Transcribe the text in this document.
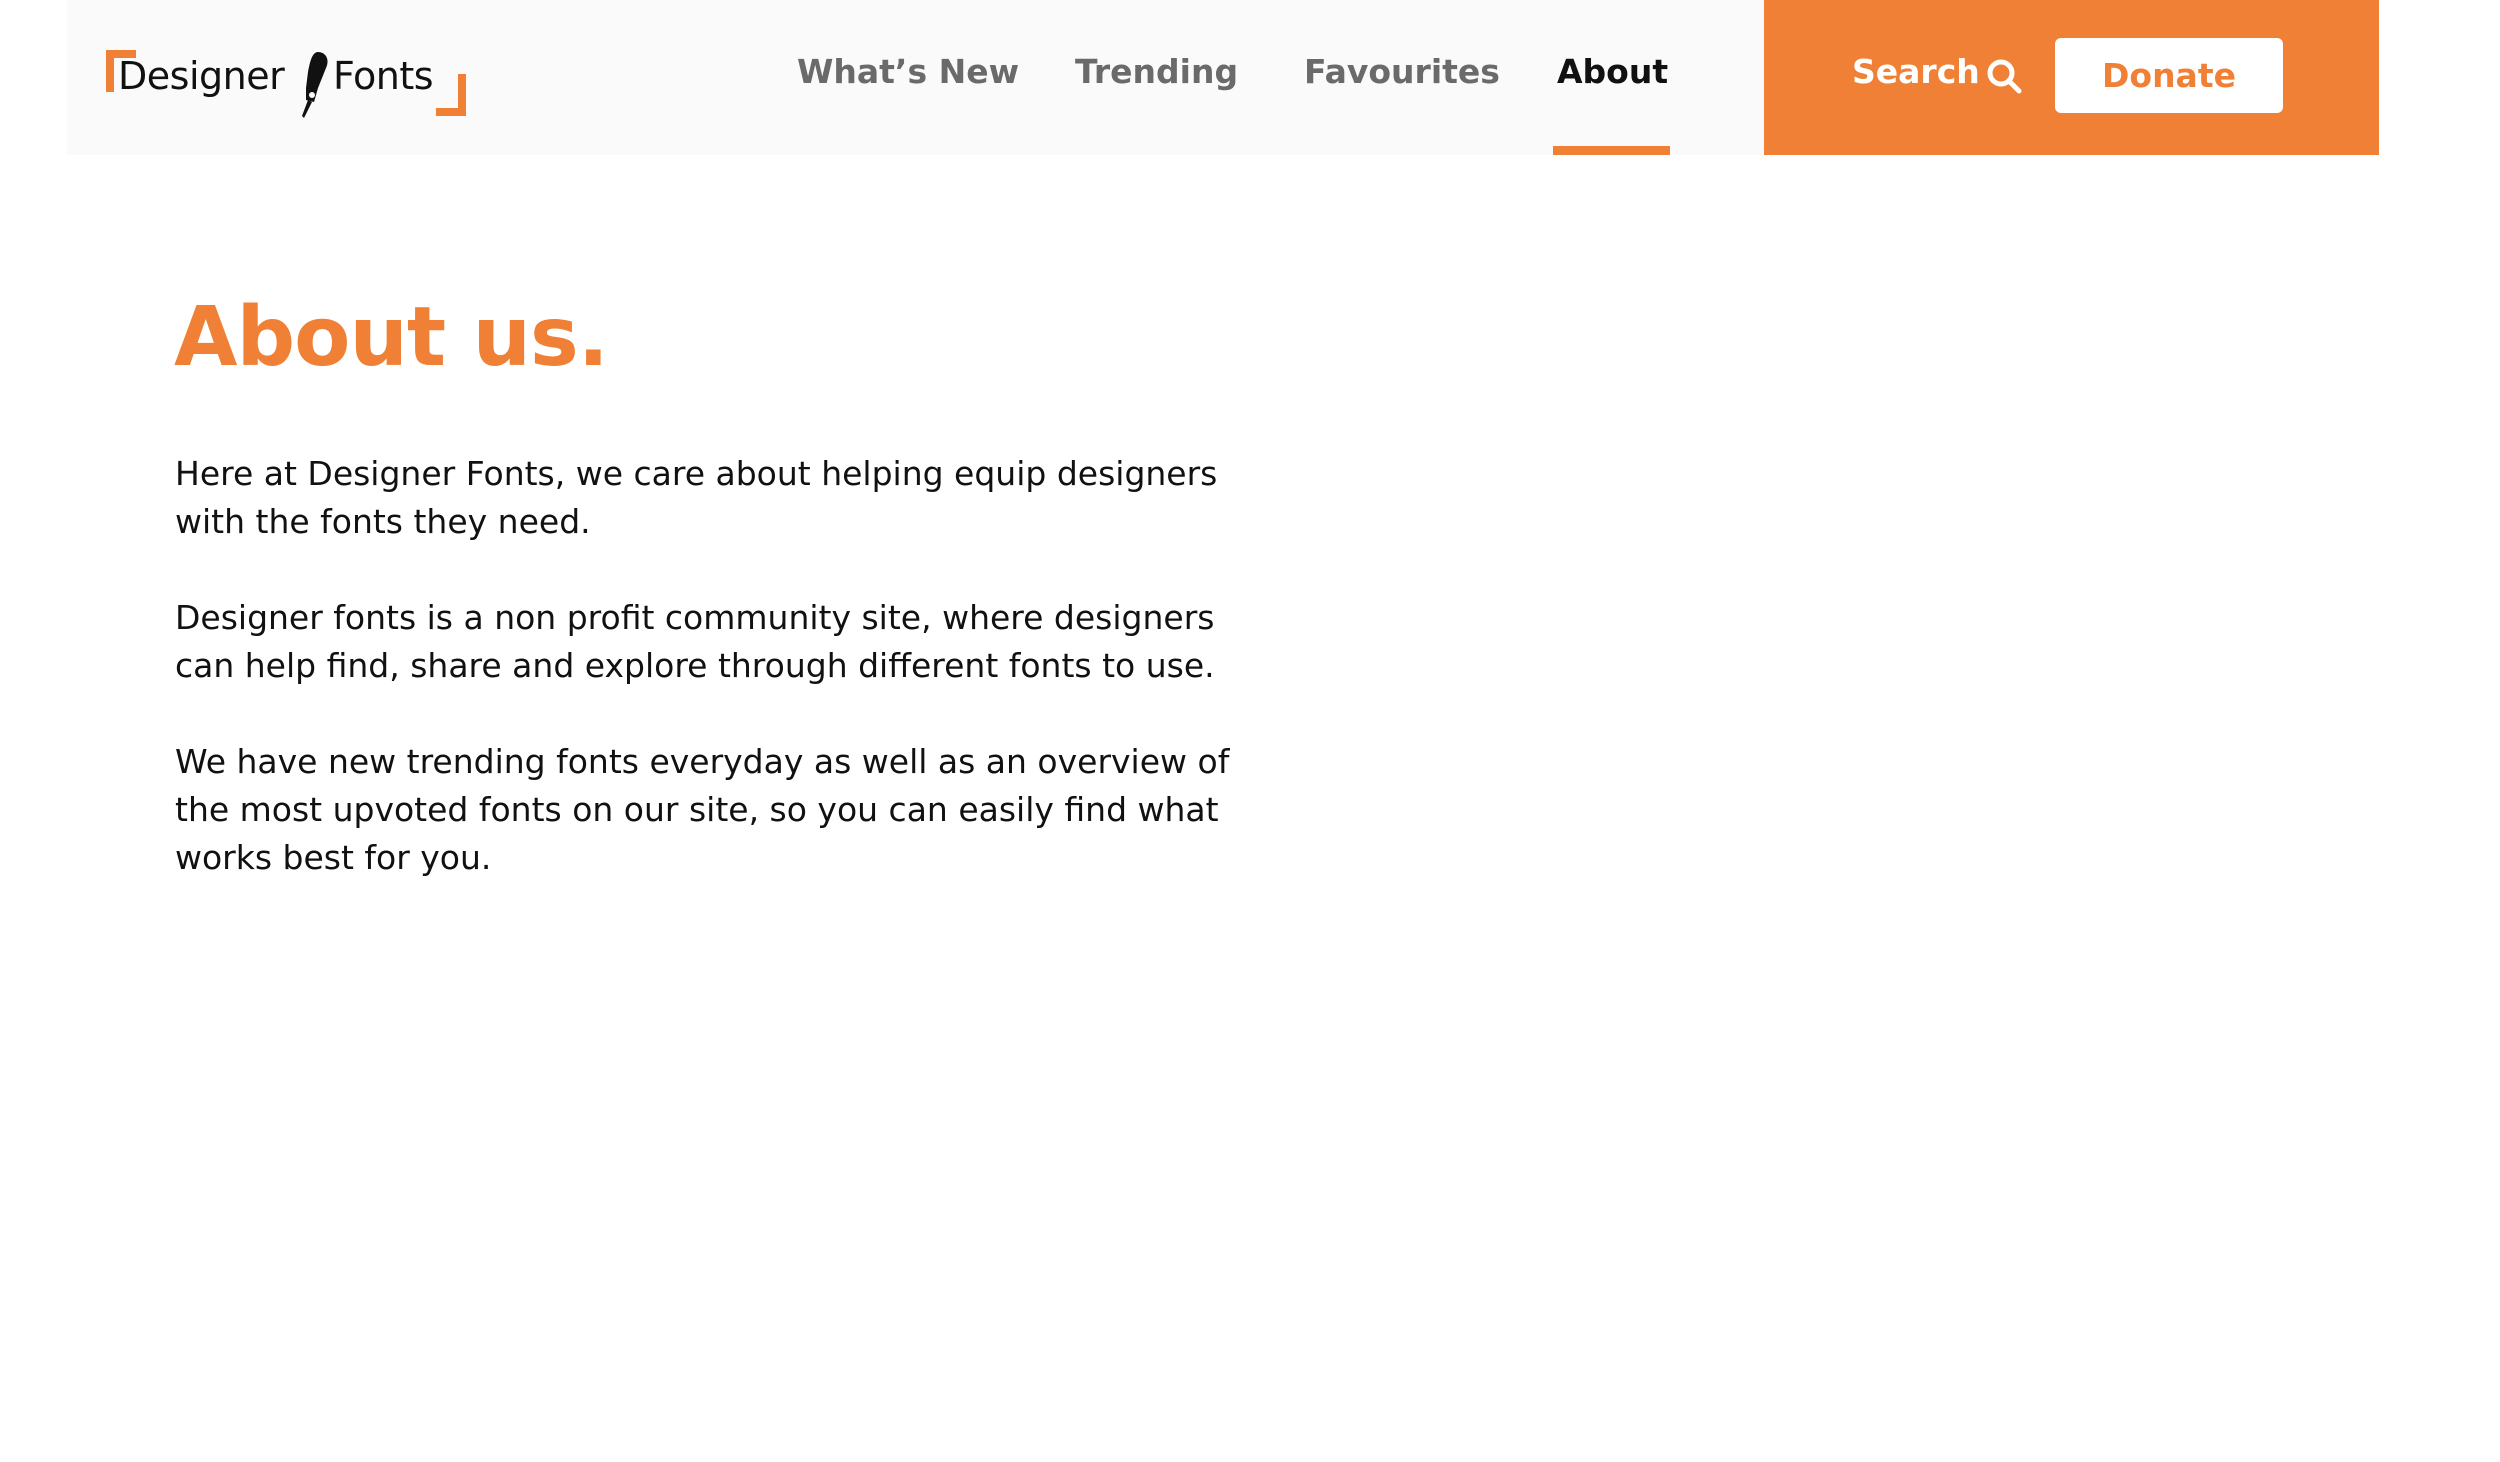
Designer Fonts	What’s New Trending Favourites About	Search	Donate
About us.

Here at Designer Fonts, we care about helping equip designers with the fonts they need.

Designer fonts is a non profit community site, where designers can help find, share and explore through different fonts to use.

We have new trending fonts everyday as well as an overview of the most upvoted fonts on our site, so you can easily find what works best for you.
